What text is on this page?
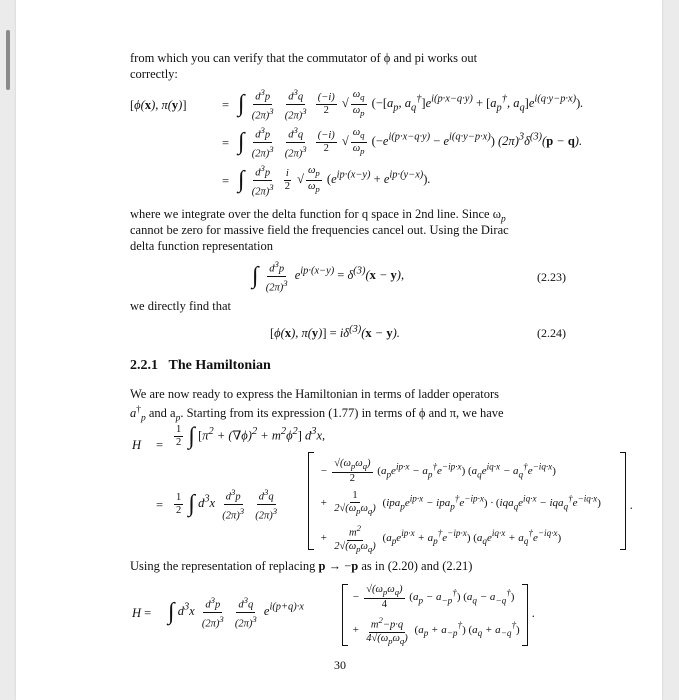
from which you can verify that the commutator of ϕ and pi works out
correctly:
[ϕ(x), π(y)]	= ∫ $\frac{d^3p}{(2\pi)^3}$
$\frac{d^3q}{(2\pi)^3}$
$\frac{(-i)}{2}$ √ $\frac{\omega_q}{\omega_p} (-[a_p$, $a_q^\dagger]e^{i(p\cdot x-q\cdot y)} + [a_p^\dagger$, $a_q]e^{i(q\cdot y-p\cdot x)}$).
= ∫ $\frac{d^3p}{(2\pi)^3}$
$\frac{d^3q}{(2\pi)^3}$
$\frac{(-i)}{2}$ √ $\frac{\omega_q}{\omega_p} (-e^{i(p\cdot x-q\cdot y)} - e^{i(q\cdot y-p\cdot x)}) (2\pi)^3\delta^{(3)}(p - q)$.
= ∫ $\frac{d^3p}{(2\pi)^3}$
$\frac{i}{2}$ √ $\frac{\omega_p}{\omega_p} (e^{ip\cdot(x-y)} + e^{ip\cdot(y-x)})$.
where we integrate over the delta function for q space in 2nd line. Since $\omega_p$
cannot be zero for massive field the frequencies cancel out. Using the Dirac
delta function representation
∫ $\frac{d^3p}{(2\pi)^3} e^{ip\cdot(x-y)} = \delta^{(3)}(x - y)$,	(2.23)
we directly find that
[ϕ(x), $\pi(y)] = i\delta^{(3)}(x - y)$.	(2.24)
2.2.1 The Hamiltonian
We are now ready to express the Hamiltonian in terms of ladder operators
$a^\dagger_p$ and $a_p$. Starting from its expression (1.77) in terms of ϕ and π, we have
$H = \frac{1}{2}$ ∫ $[\pi^2 + (\nabla\phi)^2 + m^2\phi^2]$ $d^3x$,
= $\frac{1}{2}$ ∫ $d^3x \frac{d^3p}{(2\pi)^3}$
$\frac{d^3q}{(2\pi)^3}$
− $\frac{√(\omega_p\omega_q)}{2} (a_pe^{ip\cdot x} - a_p^\dagger e^{-ip\cdot x}) (a_qe^{iq\cdot x} - a_q^\dagger e^{-iq\cdot x})$
+ $\frac{1}{2√(\omega_p\omega_q)} (ipa_pe^{ip\cdot x} - ipa_p^\dagger e^{-ip\cdot x}) \cdot (iqa_qe^{iq\cdot x} - iqa_q^\dagger e^{-iq\cdot x})$
+ $\frac{m^2}{2√(\omega_p\omega_q)} (a_pe^{ip\cdot x} + a_p^\dagger e^{-ip\cdot x}) (a_qe^{iq\cdot x} + a_q^\dagger e^{-iq\cdot x})$
.
Using the representation of replacing p → −p as in (2.20) and (2.21)
H = ∫ $d^3x \frac{d^3p}{(2\pi)^3}$
$\frac{d^3q}{(2\pi)^3} e^{i(p+q)\cdot x}$
− $\frac{√(\omega_p\omega_q)}{4} (a_p - a_{-p}^\dagger) (a_q - a_{-q}^\dagger)$
+ $\frac{m^2-p\cdot q}{4√(\omega_p\omega_q)} (a_p + a_{-p}^\dagger) (a_q + a_{-q}^\dagger)$
.
30
